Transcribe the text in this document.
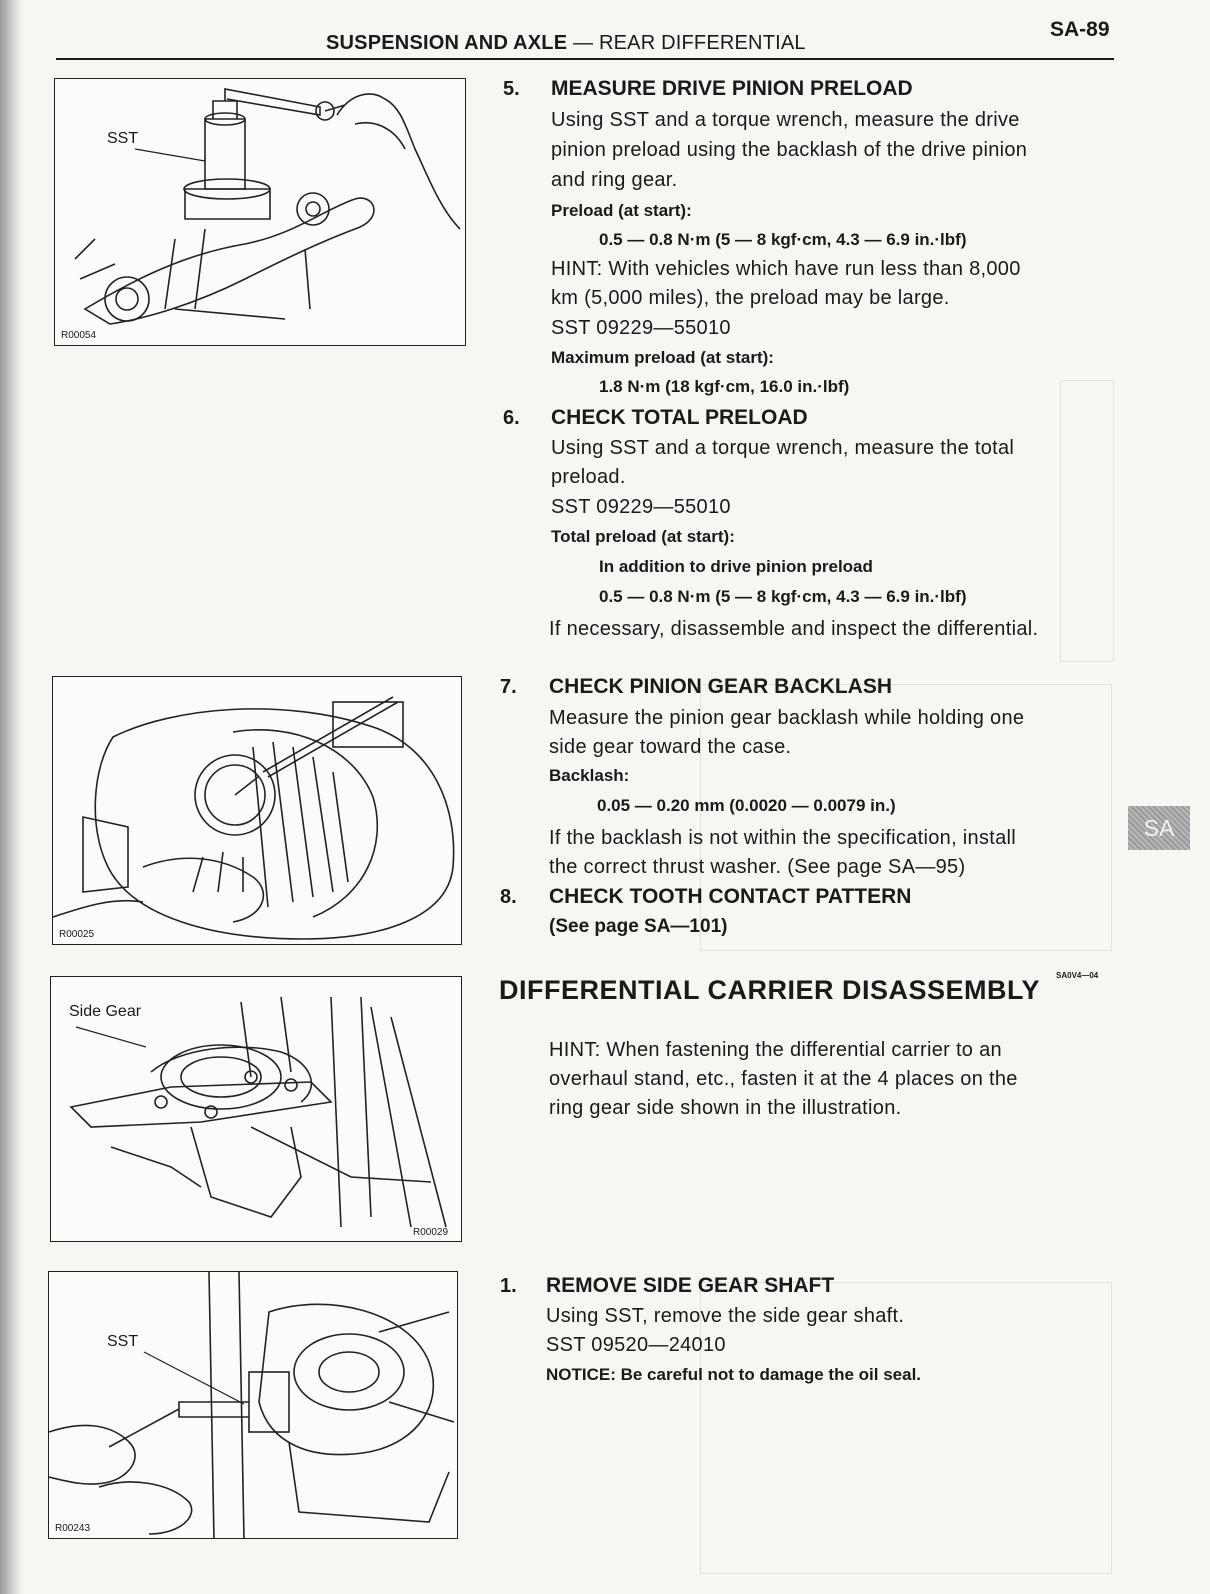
SUSPENSION AND AXLE — REAR DIFFERENTIAL
SA-89
SST
R00054
R00025
Side Gear
R00029
SST
R00243
5. MEASURE DRIVE PINION PRELOAD
Using SST and a torque wrench, measure the drive
pinion preload using the backlash of the drive pinion
and ring gear.
Preload (at start):
0.5 — 0.8 N·m (5 — 8 kgf·cm, 4.3 — 6.9 in.·lbf)
HINT: With vehicles which have run less than 8,000
km (5,000 miles), the preload may be large.
SST 09229—55010
Maximum preload (at start):
1.8 N·m (18 kgf·cm, 16.0 in.·lbf)
6. CHECK TOTAL PRELOAD
Using SST and a torque wrench, measure the total
preload.
SST 09229—55010
Total preload (at start):
In addition to drive pinion preload
0.5 — 0.8 N·m (5 — 8 kgf·cm, 4.3 — 6.9 in.·lbf)
If necessary, disassemble and inspect the differential.
7. CHECK PINION GEAR BACKLASH
Measure the pinion gear backlash while holding one
side gear toward the case.
Backlash:
0.05 — 0.20 mm (0.0020 — 0.0079 in.)
If the backlash is not within the specification, install
the correct thrust washer. (See page SA—95)
8. CHECK TOOTH CONTACT PATTERN
(See page SA—101)
DIFFERENTIAL CARRIER DISASSEMBLY SA0V4—04
HINT: When fastening the differential carrier to an
overhaul stand, etc., fasten it at the 4 places on the
ring gear side shown in the illustration.
1. REMOVE SIDE GEAR SHAFT
Using SST, remove the side gear shaft.
SST 09520—24010
NOTICE: Be careful not to damage the oil seal.
SA
